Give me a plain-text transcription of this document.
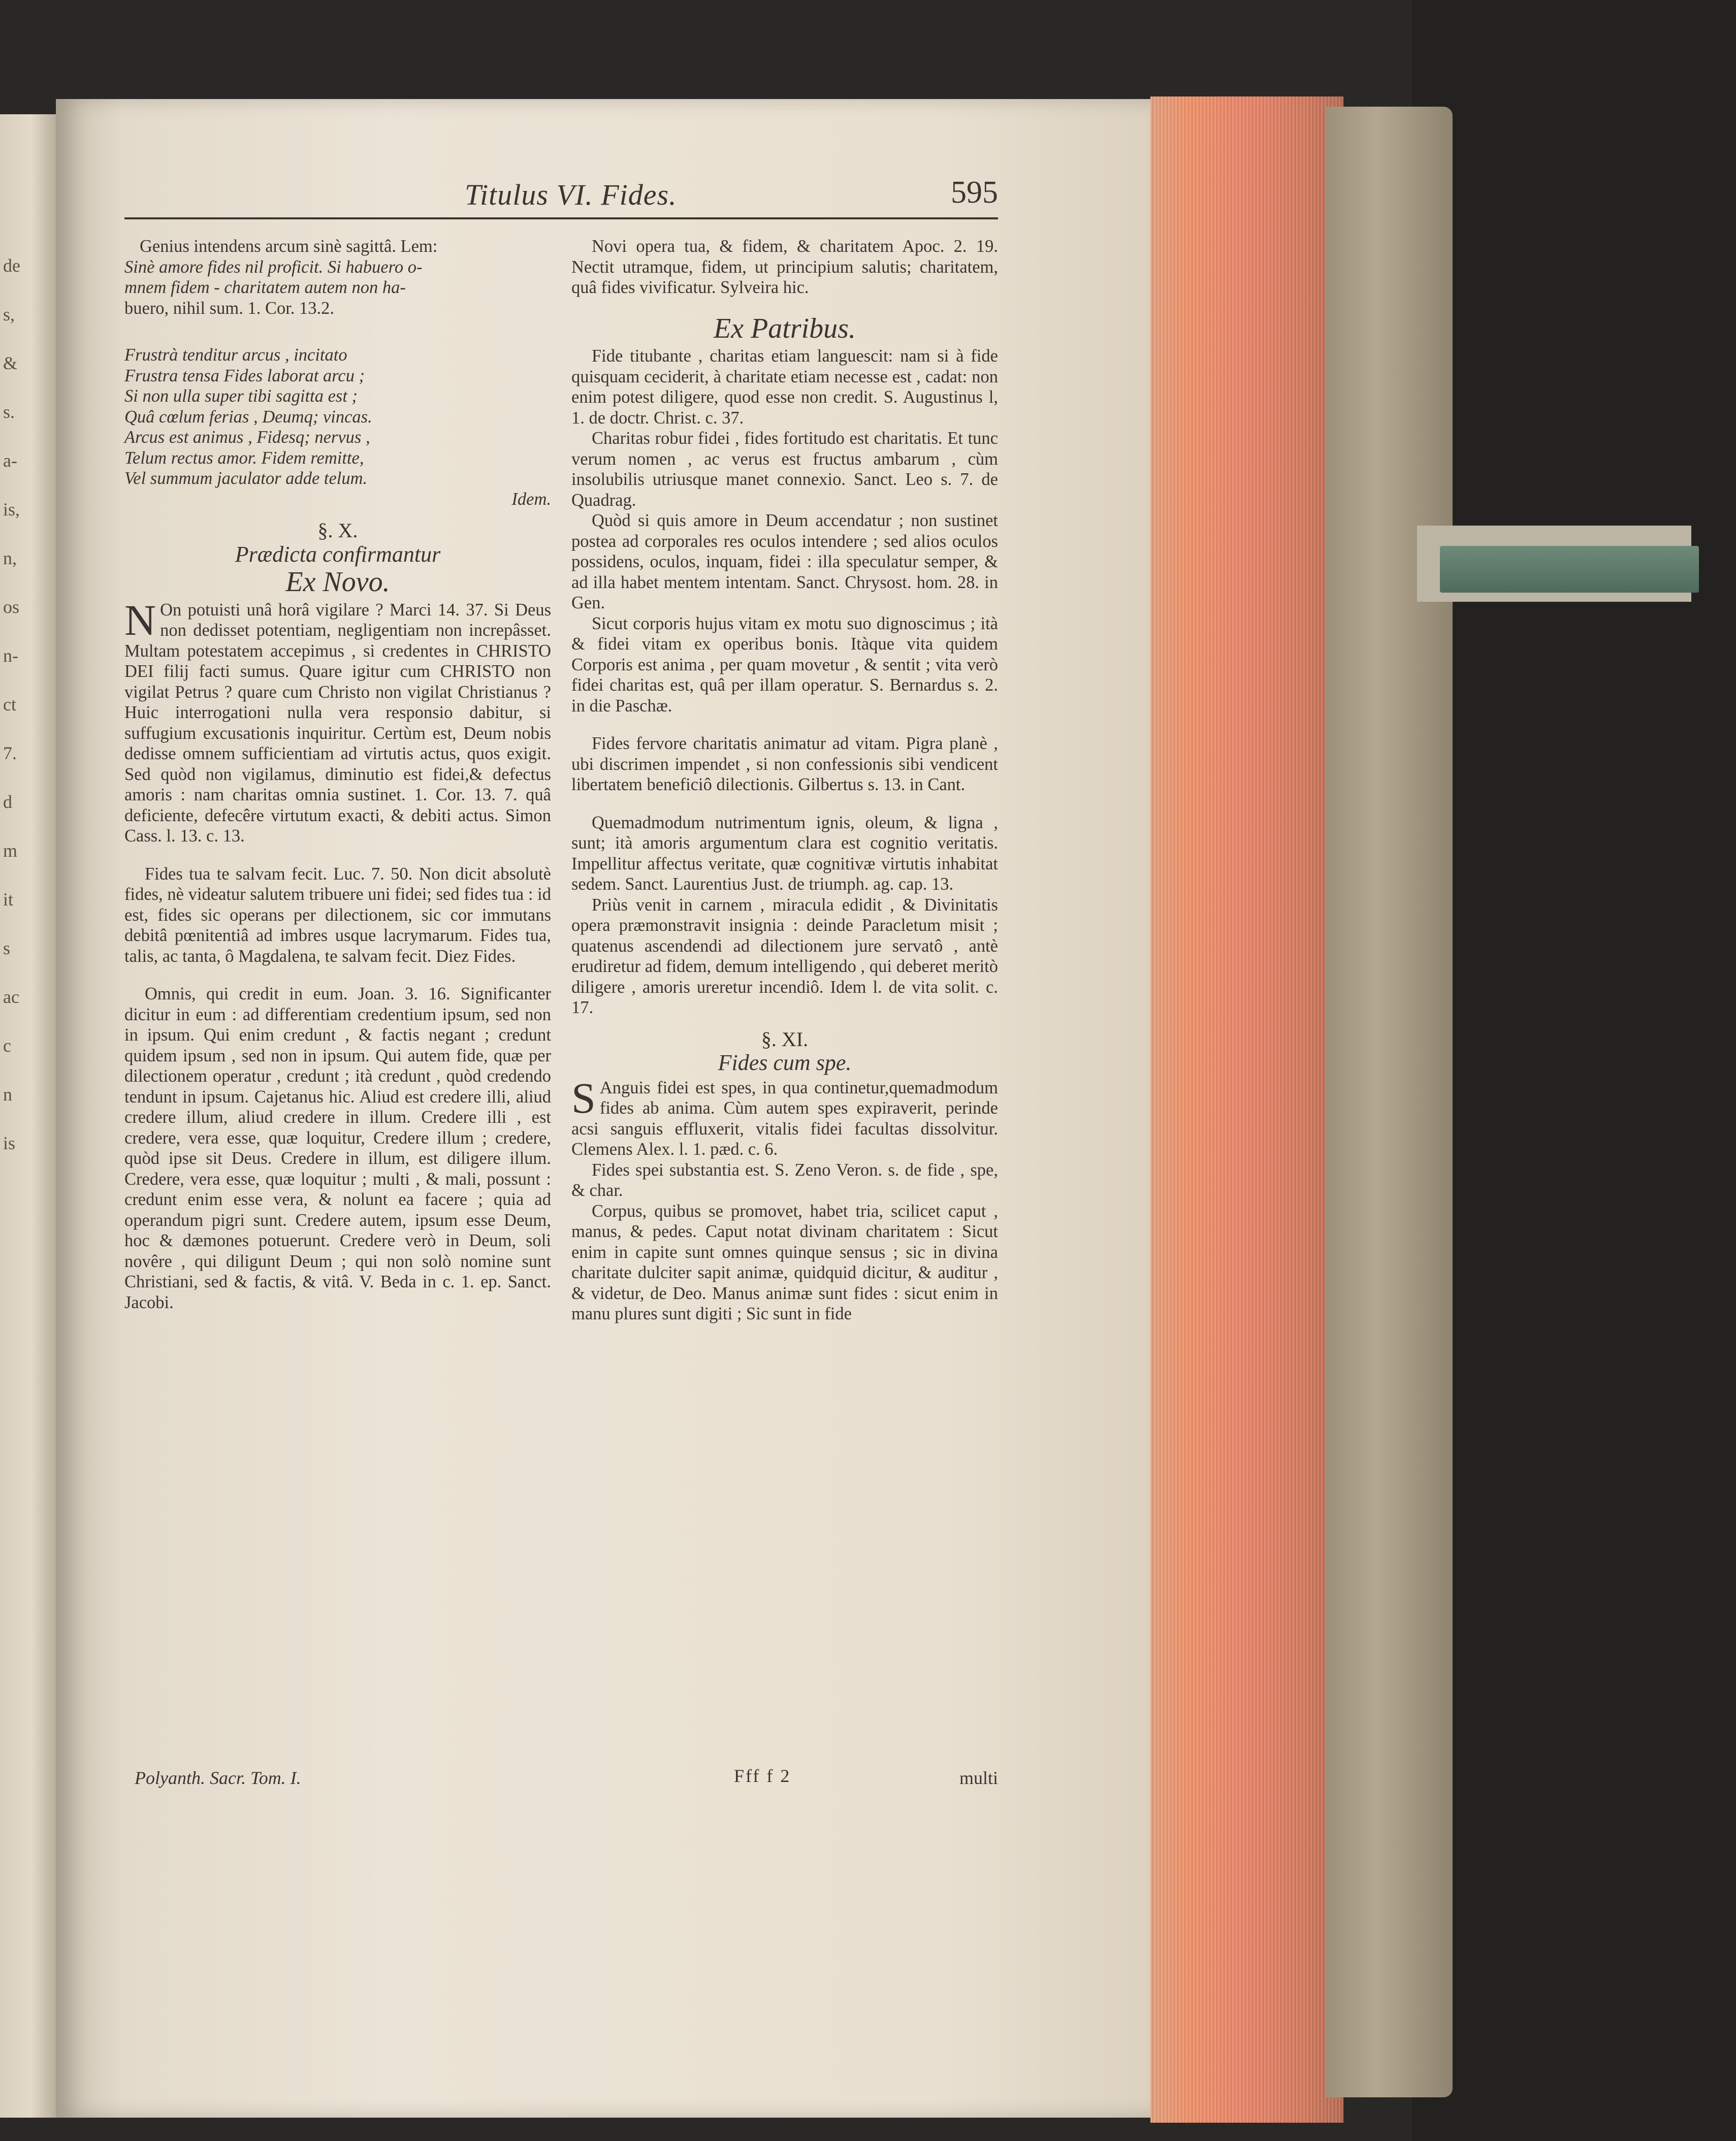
de
s,
&
s.
a-
is,
n,
os
n-
ct
7.
d
m
it
s
ac
c
n
is
Titulus VI. Fides.	595

Genius intendens arcum sinè sagittâ. Lem:

Sinè amore fides nil proficit. Si habuero o-

mnem fidem - charitatem autem non ha-

buero, nihil sum. 1. Cor. 13.2.

Frustrà tenditur arcus , incitato

Frustra tensa Fides laborat arcu ;

Si non ulla super tibi sagitta est ;

Quâ cœlum ferias , Deumq; vincas.

Arcus est animus , Fidesq; nervus ,

Telum rectus amor. Fidem remitte,

Vel summum jaculator adde telum.

Idem.

§. X.
Prædicta confirmantur
Ex Novo.

N On potuisti unâ horâ vigilare ? Marci 14. 37. Si Deus non dedisset potentiam, negligentiam non increpâsset. Multam potestatem accepimus , si credentes in CHRISTO DEI filij facti sumus. Quare igitur cum CHRISTO non vigilat Petrus ? quare cum Christo non vigilat Christianus ? Huic interrogationi nulla vera responsio dabitur, si suffugium excusationis inquiritur. Certùm est, Deum nobis dedisse omnem sufficientiam ad virtutis actus, quos exigit. Sed quòd non vigilamus, diminutio est fidei,& defectus amoris : nam charitas omnia sustinet. 1. Cor. 13. 7. quâ deficiente, defecêre virtutum exacti, & debiti actus. Simon Cass. l. 13. c. 13.

Fides tua te salvam fecit. Luc. 7. 50. Non dicit absolutè fides, nè videatur salutem tribuere uni fidei; sed fides tua : id est, fides sic operans per dilectionem, sic cor immutans debitâ pœnitentiâ ad imbres usque lacrymarum. Fides tua, talis, ac tanta, ô Magdalena, te salvam fecit. Diez Fides.

Omnis, qui credit in eum. Joan. 3. 16. Significanter dicitur in eum : ad differentiam credentium ipsum, sed non in ipsum. Qui enim credunt , & factis negant ; credunt quidem ipsum , sed non in ipsum. Qui autem fide, quæ per dilectionem operatur , credunt ; ità credunt , quòd credendo tendunt in ipsum. Cajetanus hic. Aliud est credere illi, aliud credere illum, aliud credere in illum. Credere illi , est credere, vera esse, quæ loquitur, Credere illum ; credere, quòd ipse sit Deus. Credere in illum, est diligere illum. Credere, vera esse, quæ loquitur ; multi , & mali, possunt : credunt enim esse vera, & nolunt ea facere ; quia ad operandum pigri sunt. Credere autem, ipsum esse Deum, hoc & dæmones potuerunt. Credere verò in Deum, soli novêre , qui diligunt Deum ; qui non solò nomine sunt Christiani, sed & factis, & vitâ. V. Beda in c. 1. ep. Sanct. Jacobi.

Novi opera tua, & fidem, & charitatem Apoc. 2. 19. Nectit utramque, fidem, ut principium salutis; charitatem, quâ fides vivificatur. Sylveira hic.

Ex Patribus.

Fide titubante , charitas etiam languescit: nam si à fide quisquam ceciderit, à charitate etiam necesse est , cadat: non enim potest diligere, quod esse non credit. S. Augustinus l, 1. de doctr. Christ. c. 37.

Charitas robur fidei , fides fortitudo est charitatis. Et tunc verum nomen , ac verus est fructus ambarum , cùm insolubilis utriusque manet connexio. Sanct. Leo s. 7. de Quadrag.

Quòd si quis amore in Deum accendatur ; non sustinet postea ad corporales res oculos intendere ; sed alios oculos possidens, oculos, inquam, fidei : illa speculatur semper, & ad illa habet mentem intentam. Sanct. Chrysost. hom. 28. in Gen.

Sicut corporis hujus vitam ex motu suo dignoscimus ; ità & fidei vitam ex operibus bonis. Itàque vita quidem Corporis est anima , per quam movetur , & sentit ; vita verò fidei charitas est, quâ per illam operatur. S. Bernardus s. 2. in die Paschæ.

Fides fervore charitatis animatur ad vitam. Pigra planè , ubi discrimen impendet , si non confessionis sibi vendicent libertatem beneficiô dilectionis. Gilbertus s. 13. in Cant.

Quemadmodum nutrimentum ignis, oleum, & ligna , sunt; ità amoris argumentum clara est cognitio veritatis. Impellitur affectus veritate, quæ cognitivæ virtutis inhabitat sedem. Sanct. Laurentius Just. de triumph. ag. cap. 13.

Priùs venit in carnem , miracula edidit , & Divinitatis opera præmonstravit insignia : deinde Paracletum misit ; quatenus ascendendi ad dilectionem jure servatô , antè erudiretur ad fidem, demum intelligendo , qui deberet meritò diligere , amoris ureretur incendiô. Idem l. de vita solit. c. 17.

§. XI.
Fides cum spe.

S Anguis fidei est spes, in qua continetur,quemadmodum fides ab anima. Cùm autem spes expiraverit, perinde acsi sanguis effluxerit, vitalis fidei facultas dissolvitur. Clemens Alex. l. 1. pæd. c. 6.

Fides spei substantia est. S. Zeno Veron. s. de fide , spe, & char.

Corpus, quibus se promovet, habet tria, scilicet caput , manus, & pedes. Caput notat divinam charitatem : Sicut enim in capite sunt omnes quinque sensus ; sic in divina charitate dulciter sapit animæ, quidquid dicitur, & auditur , & videtur, de Deo. Manus animæ sunt fides : sicut enim in manu plures sunt digiti ; Sic sunt in fide

Polyanth. Sacr. Tom. I.	Fff f 2	multi
